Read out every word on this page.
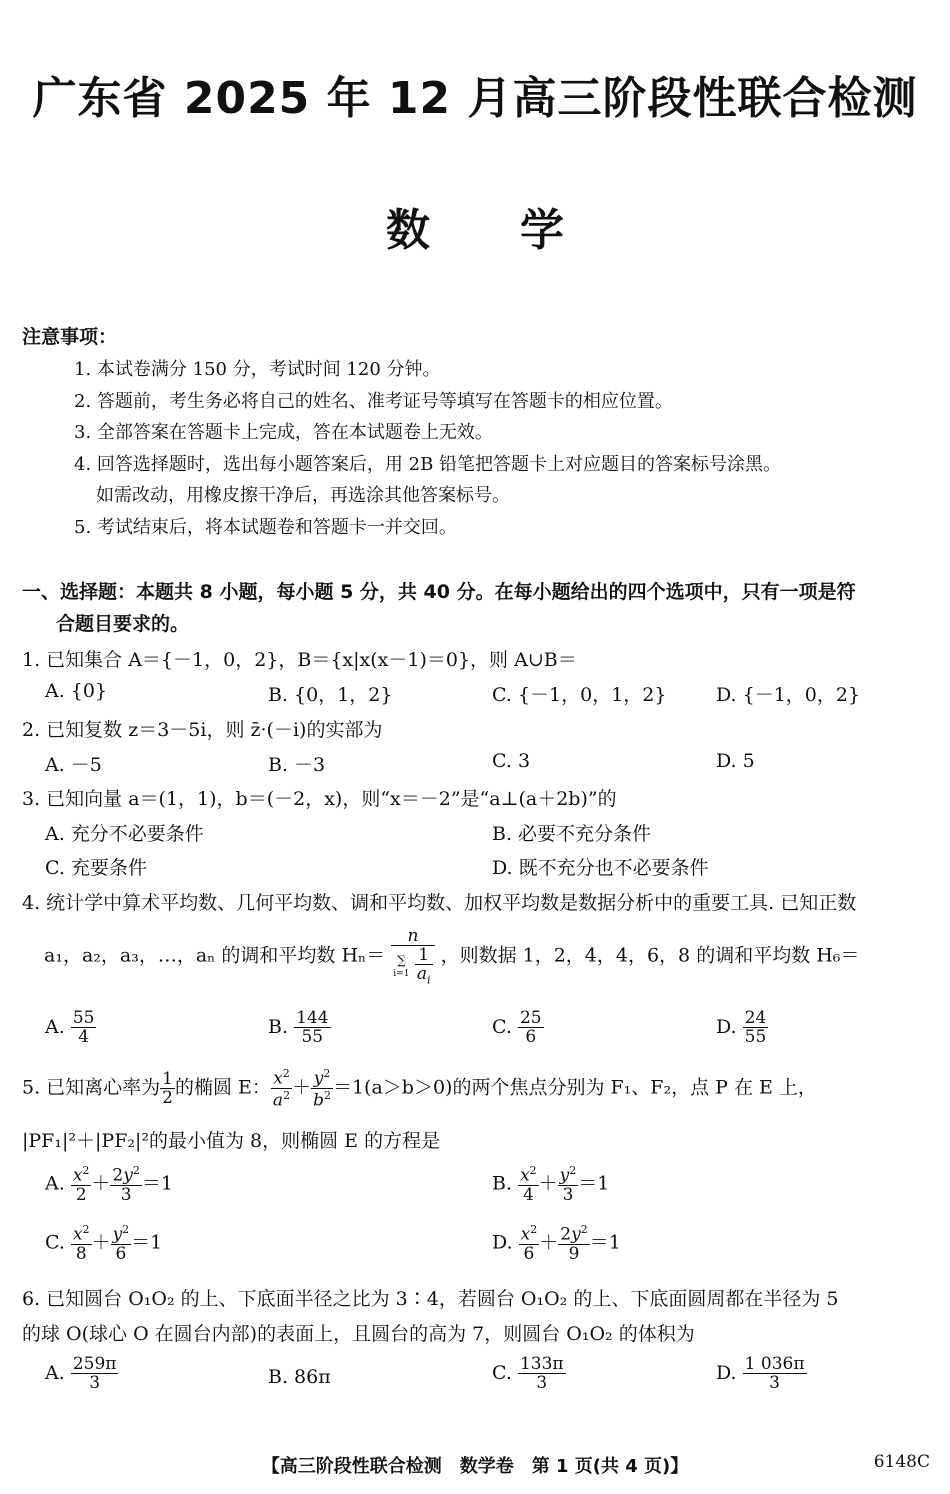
广东省 2025 年 12 月高三阶段性联合检测
数学
注意事项：
1. 本试卷满分 150 分，考试时间 120 分钟。
2. 答题前，考生务必将自己的姓名、准考证号等填写在答题卡的相应位置。
3. 全部答案在答题卡上完成，答在本试题卷上无效。
4. 回答选择题时，选出每小题答案后，用 2B 铅笔把答题卡上对应题目的答案标号涂黑。
如需改动，用橡皮擦干净后，再选涂其他答案标号。
5. 考试结束后，将本试题卷和答题卡一并交回。
一、选择题：本题共 8 小题，每小题 5 分，共 40 分。在每小题给出的四个选项中，只有一项是符
合题目要求的。
1. 已知集合 A＝{－1，0，2}，B＝{x|x(x－1)＝0}，则 A∪B＝
A. {0}	B. {0，1，2}	C. {－1，0，1，2}	D. {－1，0，2}
2. 已知复数 z＝3－5i，则 z̄·(－i)的实部为
A. －5	B. －3	C. 3	D. 5
3. 已知向量 a＝(1，1)，b＝(－2，x)，则“x＝－2”是“a⊥(a＋2b)”的
A. 充分不必要条件	B. 必要不充分条件
C. 充要条件	D. 既不充分也不必要条件
4. 统计学中算术平均数、几何平均数、调和平均数、加权平均数是数据分析中的重要工具. 已知正数
a₁，a₂，a₃，…，aₙ 的调和平均数 Hₙ＝
n
∑
$i=1 \frac{1}{a_i}$ ，则数据 1，2，4，4，6，8 的调和平均数 H₆＝
A. $\frac{55}{4}$	B. $\frac{144}{55}$	C. $\frac{25}{6}$	D. $\frac{24}{55}$
5. 已知离心率为 $\frac{1}{2}$ 的椭圆 E： $\frac{x^2}{a^2} + \frac{y^2}{b^2} =1(a>b>0)$的两个焦点分别为 F₁、F₂，点 P 在 E 上，
|PF₁|²＋|PF₂|²的最小值为 8，则椭圆 E 的方程是
A. $\frac{x^2}{2} + \frac{2y^2}{3} =1$	B. $\frac{x^2}{4} + \frac{y^2}{3} =1$
C. $\frac{x^2}{8} + \frac{y^2}{6} =1$	D. $\frac{x^2}{6} + \frac{2y^2}{9} =1$
6. 已知圆台 O₁O₂ 的上、下底面半径之比为 3∶4，若圆台 O₁O₂ 的上、下底面圆周都在半径为 5
的球 O(球心 O 在圆台内部)的表面上，且圆台的高为 7，则圆台 O₁O₂ 的体积为
A. $\frac{259\pi}{3}$	B. 86π	C. $\frac{133\pi}{3}$	D. $\frac{1 036\pi}{3}$
【高三阶段性联合检测　数学卷　第 1 页(共 4 页)】	6148C
